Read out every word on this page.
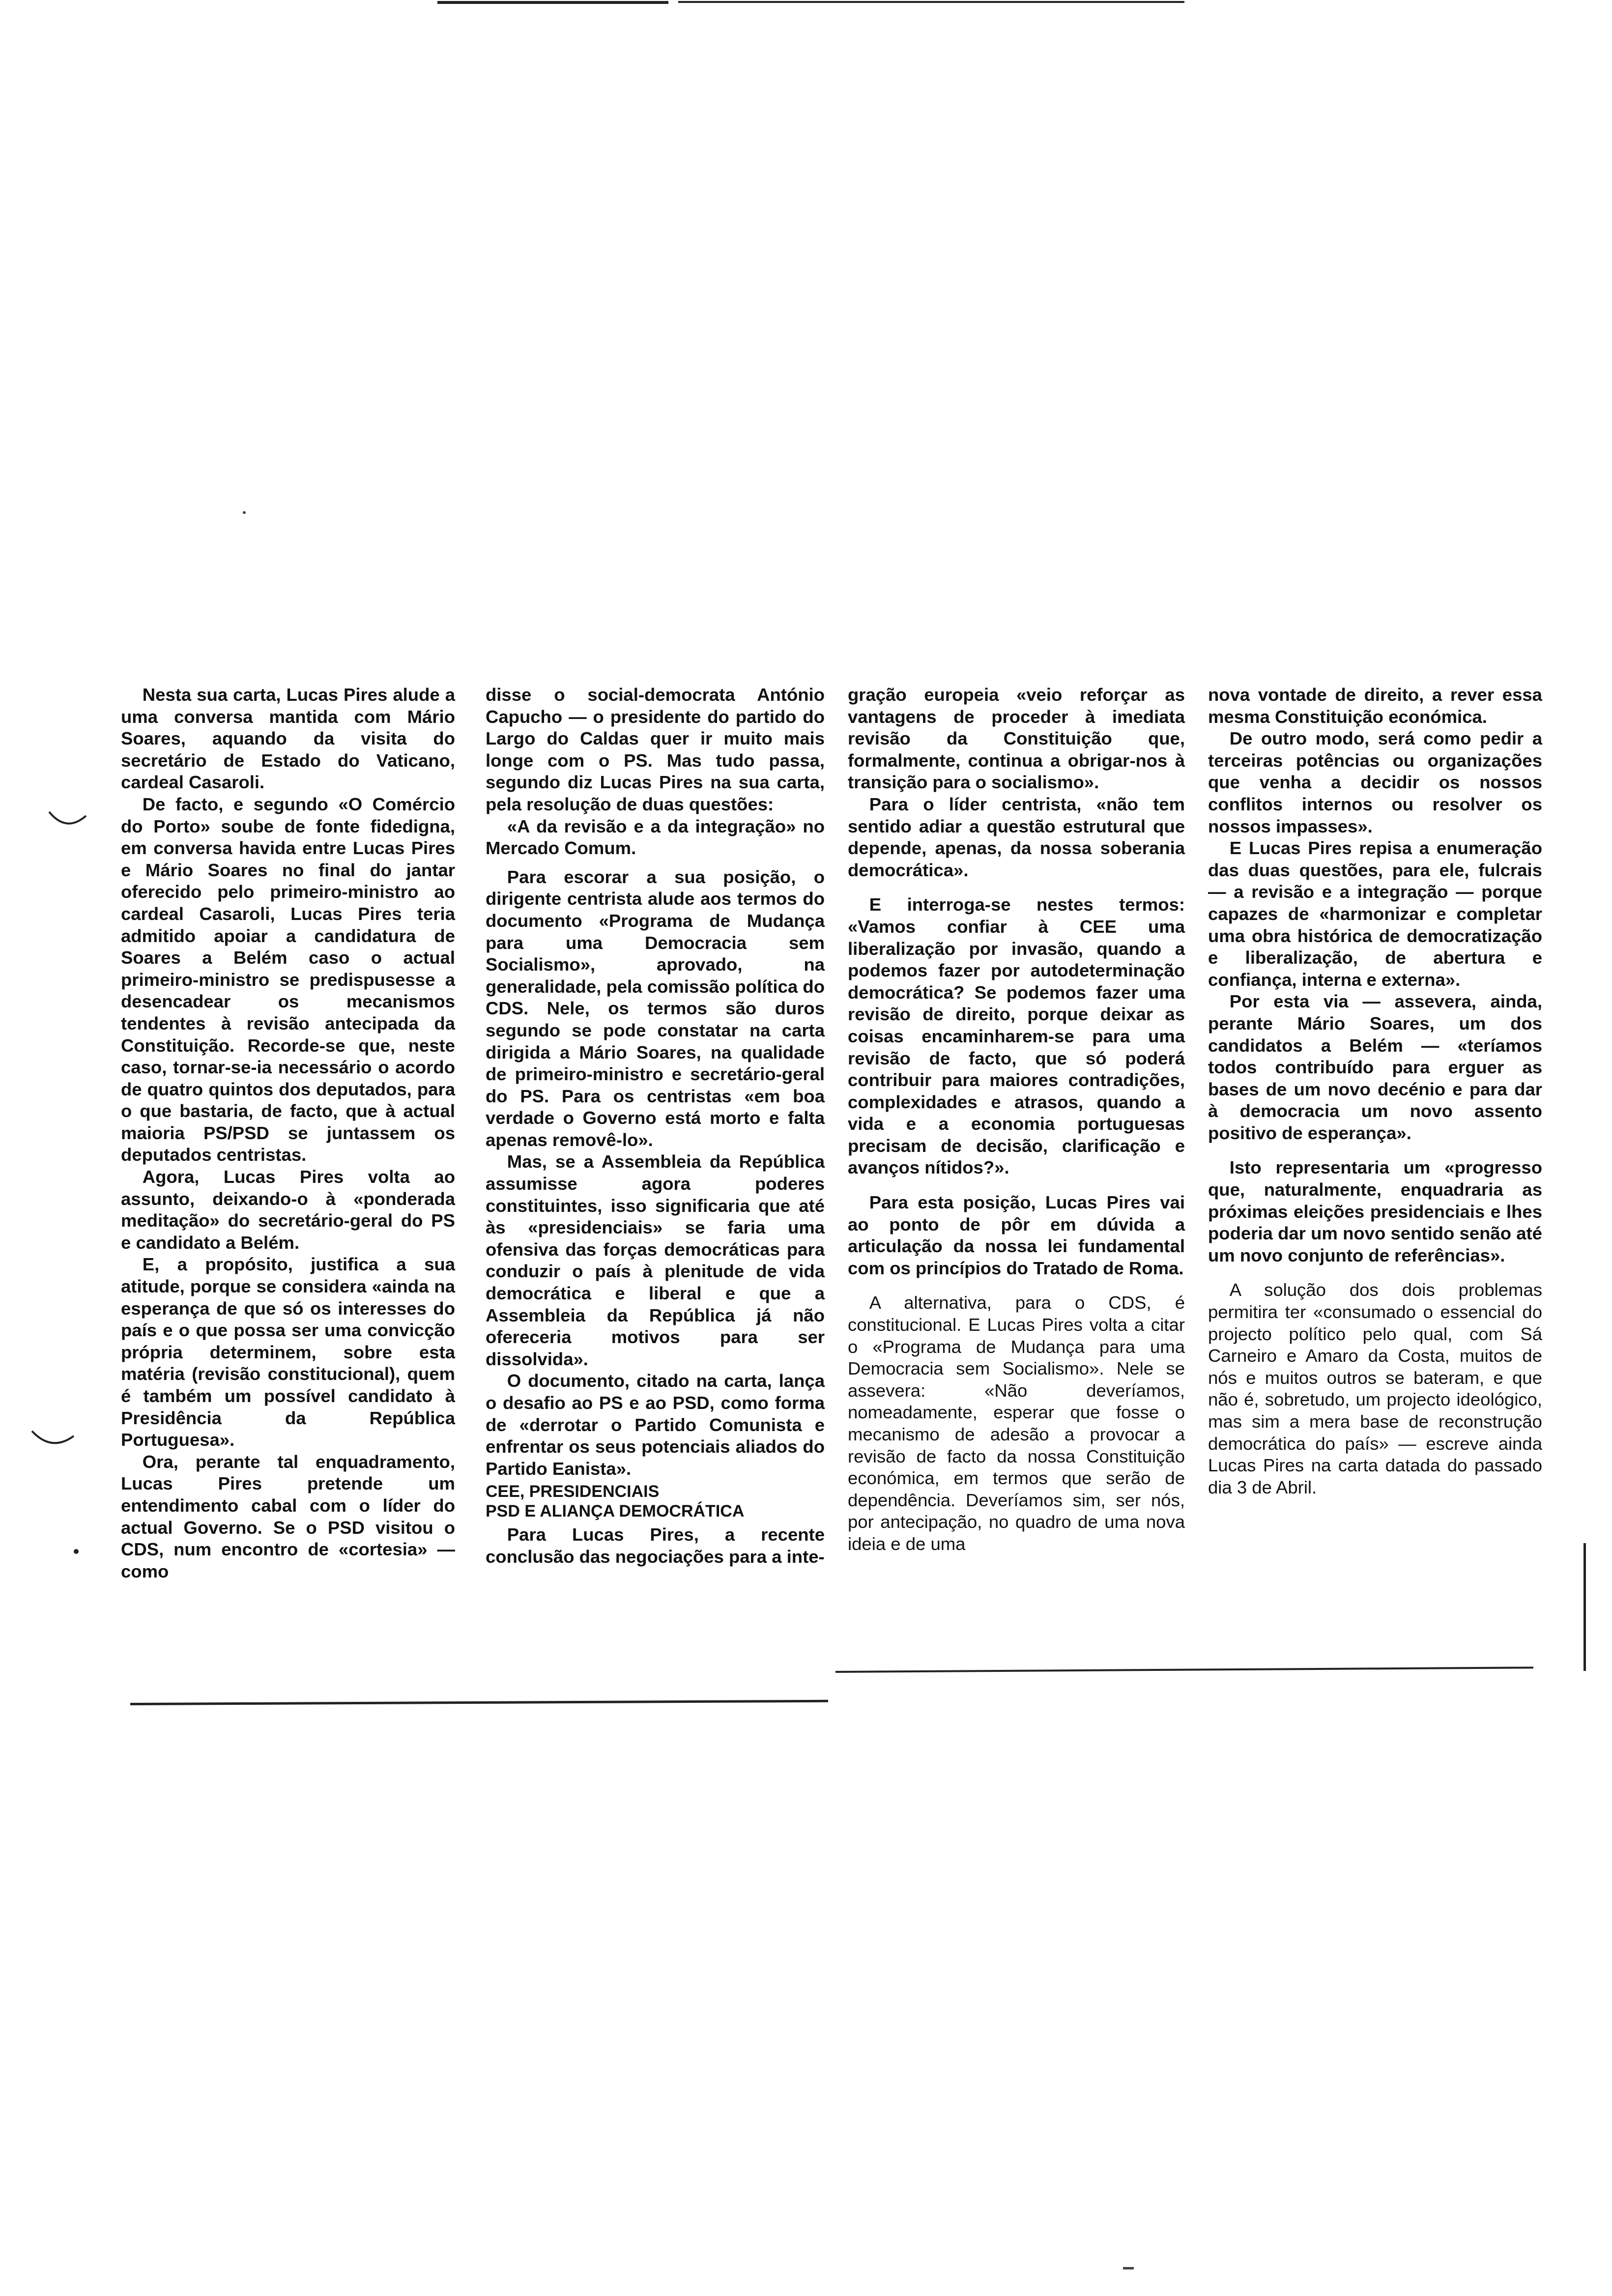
Nesta sua carta, Lucas Pires alude a uma conversa mantida com Mário Soares, aquando da visita do secretário de Estado do Vaticano, cardeal Casaroli.

De facto, e segundo «O Comércio do Porto» soube de fonte fidedigna, em conversa havida entre Lucas Pires e Mário Soares no final do jantar oferecido pelo primeiro-ministro ao cardeal Casaroli, Lucas Pires teria admitido apoiar a candidatura de Soares a Belém caso o actual primeiro-ministro se predispusesse a desencadear os mecanismos tendentes à revisão antecipada da Constituição. Recorde-se que, neste caso, tornar-se-ia necessário o acordo de quatro quintos dos deputados, para o que bastaria, de facto, que à actual maioria PS/PSD se juntassem os deputados centristas.

Agora, Lucas Pires volta ao assunto, deixando-o à «ponderada meditação» do secretário-geral do PS e candidato a Belém.

E, a propósito, justifica a sua atitude, porque se considera «ainda na esperança de que só os interesses do país e o que possa ser uma convicção própria determinem, sobre esta matéria (revisão constitucional), quem é também um possível candidato à Presidência da República Portuguesa».

Ora, perante tal enquadramento, Lucas Pires pretende um entendimento cabal com o líder do actual Governo. Se o PSD visitou o CDS, num encontro de «cortesia» — como

disse o social-democrata António Capucho — o presidente do partido do Largo do Caldas quer ir muito mais longe com o PS. Mas tudo passa, segundo diz Lucas Pires na sua carta, pela resolução de duas questões:

«A da revisão e a da integração» no Mercado Comum.

Para escorar a sua posição, o dirigente centrista alude aos termos do documento «Programa de Mudança para uma Democracia sem Socialismo», aprovado, na generalidade, pela comissão política do CDS. Nele, os termos são duros segundo se pode constatar na carta dirigida a Mário Soares, na qualidade de primeiro-ministro e secretário-geral do PS. Para os centristas «em boa verdade o Governo está morto e falta apenas removê-lo».

Mas, se a Assembleia da República assumisse agora poderes constituintes, isso significaria que até às «presidenciais» se faria uma ofensiva das forças democráticas para conduzir o país à plenitude de vida democrática e liberal e que a Assembleia da República já não ofereceria motivos para ser dissolvida».

O documento, citado na carta, lança o desafio ao PS e ao PSD, como forma de «derrotar o Partido Comunista e enfrentar os seus potenciais aliados do Partido Eanista».

CEE, PRESIDENCIAIS
PSD E ALIANÇA DEMOCRÁTICA

Para Lucas Pires, a recente conclusão das negociações para a inte-

gração europeia «veio reforçar as vantagens de proceder à imediata revisão da Constituição que, formalmente, continua a obrigar-nos à transição para o socialismo».

Para o líder centrista, «não tem sentido adiar a questão estrutural que depende, apenas, da nossa soberania democrática».

E interroga-se nestes termos: «Vamos confiar à CEE uma liberalização por invasão, quando a podemos fazer por autodeterminação democrática? Se podemos fazer uma revisão de direito, porque deixar as coisas encaminharem-se para uma revisão de facto, que só poderá contribuir para maiores contradições, complexidades e atrasos, quando a vida e a economia portuguesas precisam de decisão, clarificação e avanços nítidos?».

Para esta posição, Lucas Pires vai ao ponto de pôr em dúvida a articulação da nossa lei fundamental com os princípios do Tratado de Roma.

A alternativa, para o CDS, é constitucional. E Lucas Pires volta a citar o «Programa de Mudança para uma Democracia sem Socialismo». Nele se assevera: «Não deveríamos, nomeadamente, esperar que fosse o mecanismo de adesão a provocar a revisão de facto da nossa Constituição económica, em termos que serão de dependência. Deveríamos sim, ser nós, por antecipação, no quadro de uma nova ideia e de uma

nova vontade de direito, a rever essa mesma Constituição económica.

De outro modo, será como pedir a terceiras potências ou organizações que venha a decidir os nossos conflitos internos ou resolver os nossos impasses».

E Lucas Pires repisa a enumeração das duas questões, para ele, fulcrais — a revisão e a integração — porque capazes de «harmonizar e completar uma obra histórica de democratização e liberalização, de abertura e confiança, interna e externa».

Por esta via — assevera, ainda, perante Mário Soares, um dos candidatos a Belém — «teríamos todos contribuído para erguer as bases de um novo decénio e para dar à democracia um novo assento positivo de esperança».

Isto representaria um «progresso que, naturalmente, enquadraria as próximas eleições presidenciais e lhes poderia dar um novo sentido senão até um novo conjunto de referências».

A solução dos dois problemas permitira ter «consumado o essencial do projecto político pelo qual, com Sá Carneiro e Amaro da Costa, muitos de nós e muitos outros se bateram, e que não é, sobretudo, um projecto ideológico, mas sim a mera base de reconstrução democrática do país» — escreve ainda Lucas Pires na carta datada do passado dia 3 de Abril.
